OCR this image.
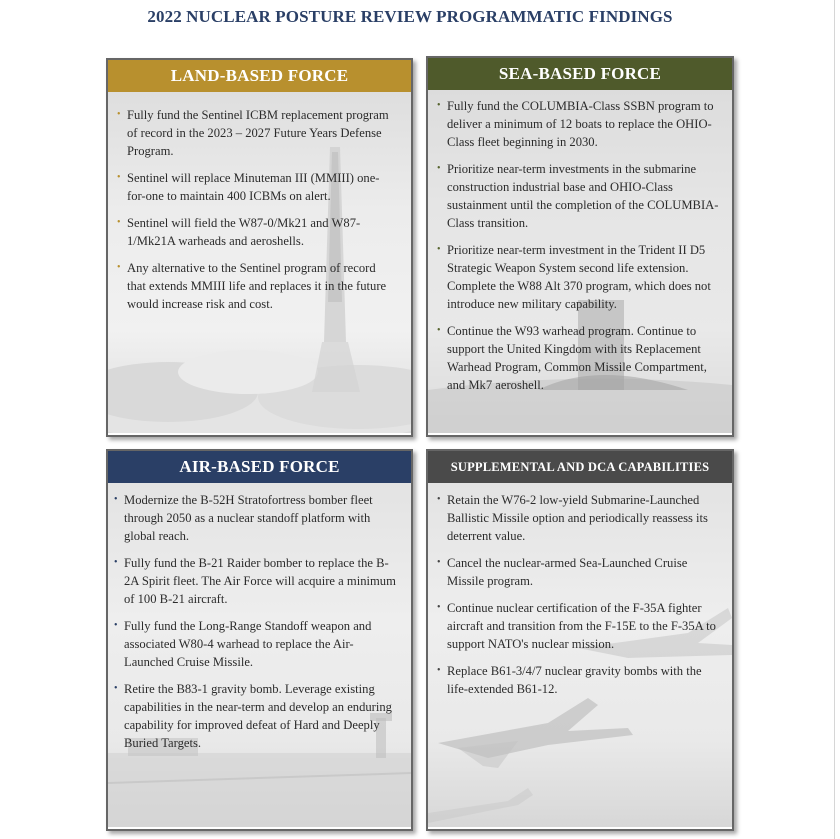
2022 NUCLEAR POSTURE REVIEW PROGRAMMATIC FINDINGS
LAND-BASED FORCE
• Fully fund the Sentinel ICBM replacement program of record in the 2023 – 2027 Future Years Defense Program.
• Sentinel will replace Minuteman III (MMIII) one-for-one to maintain 400 ICBMs on alert.
• Sentinel will field the W87-0/Mk21 and W87-1/Mk21A warheads and aeroshells.
• Any alternative to the Sentinel program of record that extends MMIII life and replaces it in the future would increase risk and cost.
SEA-BASED FORCE
• Fully fund the COLUMBIA-Class SSBN program to deliver a minimum of 12 boats to replace the OHIO-Class fleet beginning in 2030.
• Prioritize near-term investments in the submarine construction industrial base and OHIO-Class sustainment until the completion of the COLUMBIA-Class transition.
• Prioritize near-term investment in the Trident II D5 Strategic Weapon System second life extension. Complete the W88 Alt 370 program, which does not introduce new military capability.
• Continue the W93 warhead program. Continue to support the United Kingdom with its Replacement Warhead Program, Common Missile Compartment, and Mk7 aeroshell.
AIR-BASED FORCE
• Modernize the B-52H Stratofortress bomber fleet through 2050 as a nuclear standoff platform with global reach.
• Fully fund the B-21 Raider bomber to replace the B-2A Spirit fleet. The Air Force will acquire a minimum of 100 B-21 aircraft.
• Fully fund the Long-Range Standoff weapon and associated W80-4 warhead to replace the Air-Launched Cruise Missile.
• Retire the B83-1 gravity bomb. Leverage existing capabilities in the near-term and develop an enduring capability for improved defeat of Hard and Deeply Buried Targets.
SUPPLEMENTAL AND DCA CAPABILITIES
• Retain the W76-2 low-yield Submarine-Launched Ballistic Missile option and periodically reassess its deterrent value.
• Cancel the nuclear-armed Sea-Launched Cruise Missile program.
• Continue nuclear certification of the F-35A fighter aircraft and transition from the F-15E to the F-35A to support NATO's nuclear mission.
• Replace B61-3/4/7 nuclear gravity bombs with the life-extended B61-12.
